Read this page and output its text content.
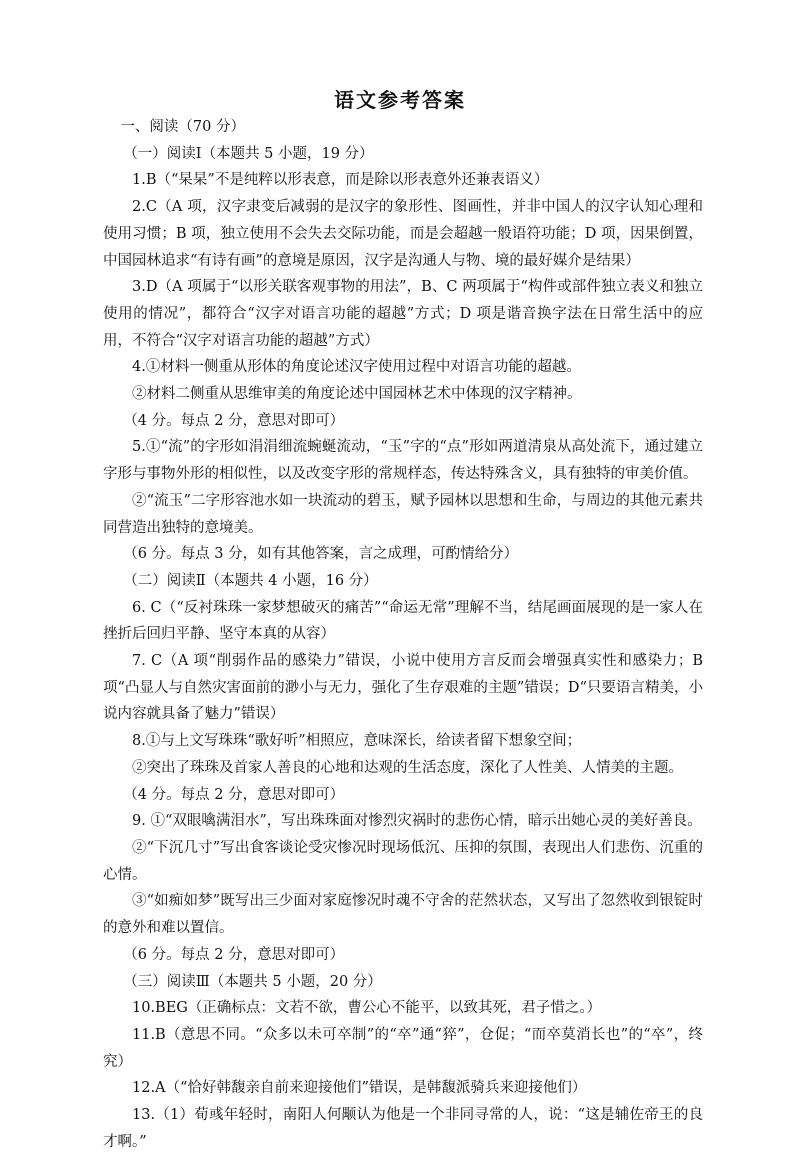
语文参考答案

一、阅读（70 分）

（一）阅读Ⅰ（本题共 5 小题，19 分）

1.B（“杲杲”不是纯粹以形表意，而是除以形表意外还兼表语义）

2.C（A 项，汉字隶变后减弱的是汉字的象形性、图画性，并非中国人的汉字认知心理和使用习惯；B 项，独立使用不会失去交际功能，而是会超越一般语符功能；D 项，因果倒置，中国园林追求“有诗有画”的意境是原因，汉字是沟通人与物、境的最好媒介是结果）

3.D（A 项属于“以形关联客观事物的用法”，B、C 两项属于“构件或部件独立表义和独立使用的情况”，都符合“汉字对语言功能的超越”方式；D 项是谐音换字法在日常生活中的应用，不符合“汉字对语言功能的超越”方式）

4.①材料一侧重从形体的角度论述汉字使用过程中对语言功能的超越。

②材料二侧重从思维审美的角度论述中国园林艺术中体现的汉字精神。

（4 分。每点 2 分，意思对即可）

5.①“流”的字形如涓涓细流蜿蜒流动，“玉”字的“点”形如两道清泉从高处流下，通过建立字形与事物外形的相似性，以及改变字形的常规样态，传达特殊含义，具有独特的审美价值。

②“流玉”二字形容池水如一块流动的碧玉，赋予园林以思想和生命，与周边的其他元素共同营造出独特的意境美。

（6 分。每点 3 分，如有其他答案，言之成理，可酌情给分）

（二）阅读Ⅱ（本题共 4 小题，16 分）

6. C（“反衬珠珠一家梦想破灭的痛苦”“命运无常”理解不当，结尾画面展现的是一家人在挫折后回归平静、坚守本真的从容）

7. C（A 项“削弱作品的感染力”错误，小说中使用方言反而会增强真实性和感染力；B 项“凸显人与自然灾害面前的渺小与无力，强化了生存艰难的主题”错误；D“只要语言精美，小说内容就具备了魅力”错误）

8.①与上文写珠珠“歌好听”相照应，意味深长，给读者留下想象空间；

②突出了珠珠及首家人善良的心地和达观的生活态度，深化了人性美、人情美的主题。

（4 分。每点 2 分，意思对即可）

9. ①“双眼噙满泪水”，写出珠珠面对惨烈灾祸时的悲伤心情，暗示出她心灵的美好善良。

②“下沉几寸”写出食客谈论受灾惨况时现场低沉、压抑的氛围，表现出人们悲伤、沉重的心情。

③“如痴如梦”既写出三少面对家庭惨况时魂不守舍的茫然状态，又写出了忽然收到银锭时的意外和难以置信。

（6 分。每点 2 分，意思对即可）

（三）阅读Ⅲ（本题共 5 小题，20 分）

10.BEG（正确标点：文若不欲，曹公心不能平，以致其死，君子惜之。）

11.B（意思不同。“众多以未可卒制”的“卒”通“猝”，仓促；“而卒莫消长也”的“卒”，终究）

12.A（“恰好韩馥亲自前来迎接他们”错误，是韩馥派骑兵来迎接他们）

13.（1）荀彧年轻时，南阳人何颙认为他是一个非同寻常的人，说：“这是辅佐帝王的良才啊。”
